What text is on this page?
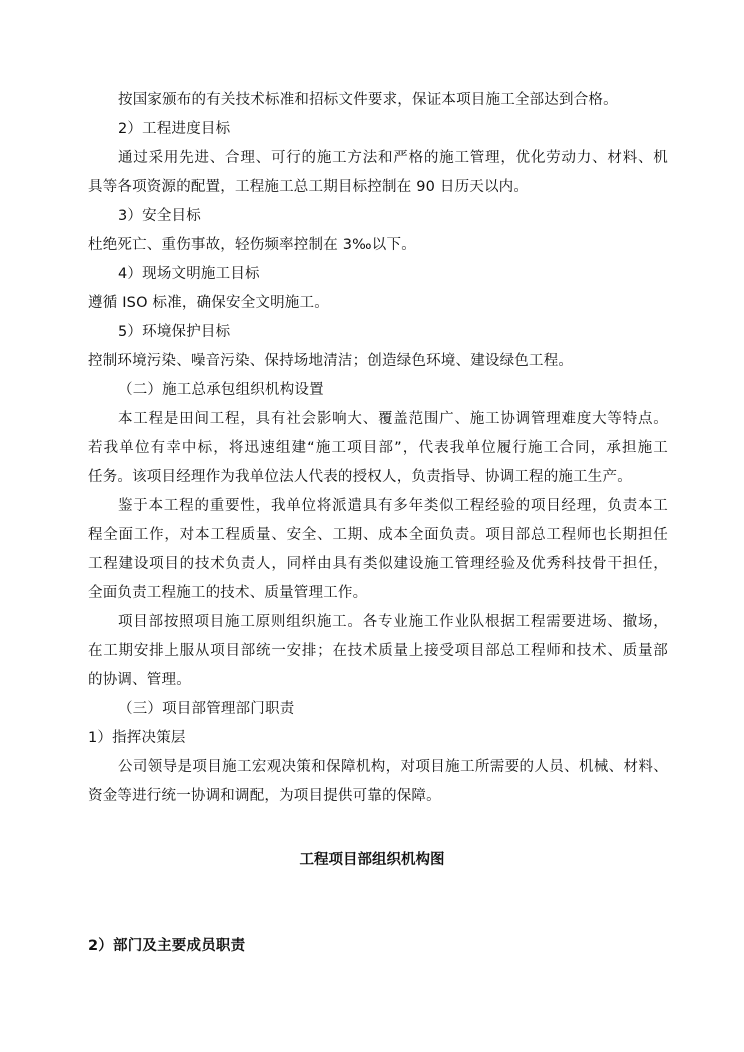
按国家颁布的有关技术标准和招标文件要求，保证本项目施工全部达到合格。
2）工程进度目标
通过采用先进、合理、可行的施工方法和严格的施工管理，优化劳动力、材料、机
具等各项资源的配置，工程施工总工期目标控制在 90 日历天以内。
3）安全目标
杜绝死亡、重伤事故，轻伤频率控制在 3‰以下。
4）现场文明施工目标
遵循 ISO 标准，确保安全文明施工。
5）环境保护目标
控制环境污染、噪音污染、保持场地清洁；创造绿色环境、建设绿色工程。
（二）施工总承包组织机构设置
本工程是田间工程，具有社会影响大、覆盖范围广、施工协调管理难度大等特点。
若我单位有幸中标，将迅速组建“施工项目部”，代表我单位履行施工合同，承担施工
任务。该项目经理作为我单位法人代表的授权人，负责指导、协调工程的施工生产。
鉴于本工程的重要性，我单位将派遣具有多年类似工程经验的项目经理，负责本工
程全面工作，对本工程质量、安全、工期、成本全面负责。项目部总工程师也长期担任
工程建设项目的技术负责人，同样由具有类似建设施工管理经验及优秀科技骨干担任，
全面负责工程施工的技术、质量管理工作。
项目部按照项目施工原则组织施工。各专业施工作业队根据工程需要进场、撤场，
在工期安排上服从项目部统一安排；在技术质量上接受项目部总工程师和技术、质量部
的协调、管理。
（三）项目部管理部门职责
1）指挥决策层
公司领导是项目施工宏观决策和保障机构，对项目施工所需要的人员、机械、材料、
资金等进行统一协调和调配，为项目提供可靠的保障。
工程项目部组织机构图
2）部门及主要成员职责
